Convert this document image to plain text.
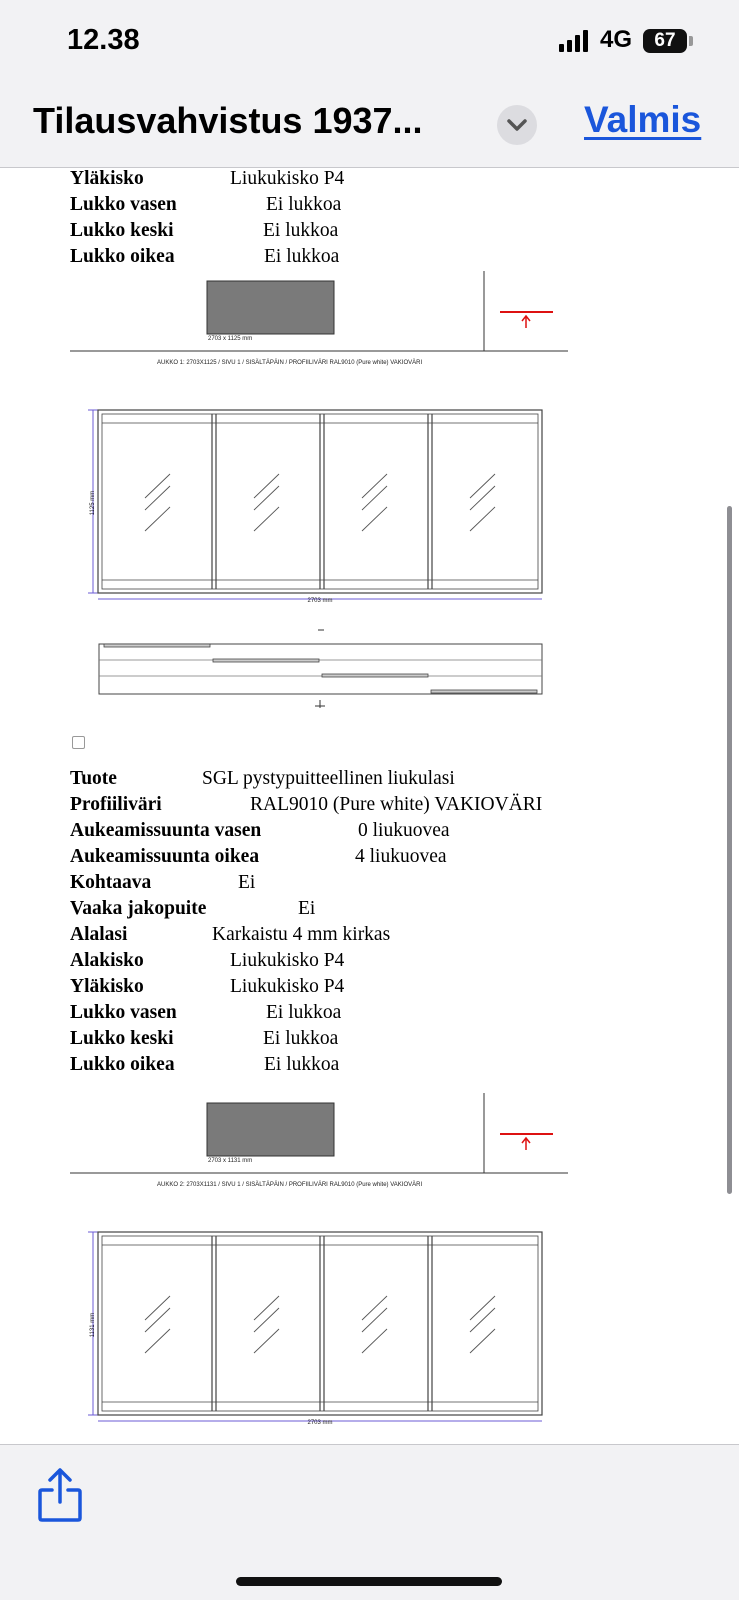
12.38	4G	67
Tilausvahvistus 1937...	Valmis
Yläkisko	Liukukisko P4
Lukko vasen	Ei lukkoa
Lukko keski	Ei lukkoa
Lukko oikea	Ei lukkoa
2703 x 1125 mm
AUKKO 1: 2703X1125 / SIVU 1 / SISÄLTÄPÄIN / PROFIILIVÄRI RAL9010 (Pure white) VAKIOVÄRI
1125 mm
2703 mm
Tuote	SGL pystypuitteellinen liukulasi
Profiiliväri	RAL9010 (Pure white) VAKIOVÄRI
Aukeamissuunta vasen	0 liukuovea
Aukeamissuunta oikea	4 liukuovea
Kohtaava	Ei
Vaaka jakopuite	Ei
Alalasi	Karkaistu 4 mm kirkas
Alakisko	Liukukisko P4
Yläkisko	Liukukisko P4
Lukko vasen	Ei lukkoa
Lukko keski	Ei lukkoa
Lukko oikea	Ei lukkoa
2703 x 1131 mm
AUKKO 2: 2703X1131 / SIVU 1 / SISÄLTÄPÄIN / PROFIILIVÄRI RAL9010 (Pure white) VAKIOVÄRI
1131 mm
2703 mm
